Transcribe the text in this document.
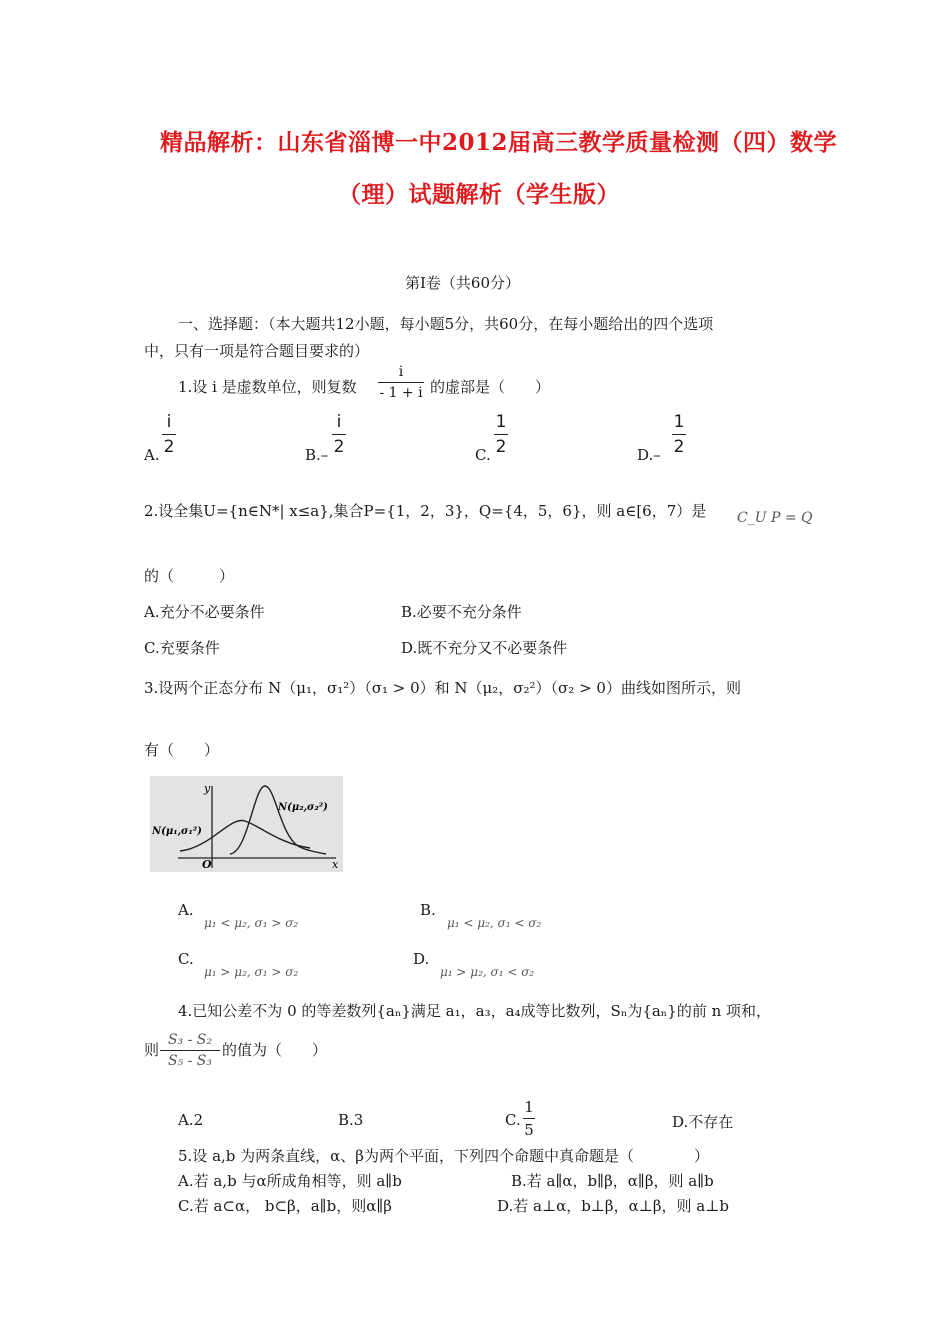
精品解析：山东省淄博一中2012届高三教学质量检测（四）数学
（理）试题解析（学生版）
第Ⅰ卷（共60分）
一、选择题：（本大题共12小题，每小题5分，共60分，在每小题给出的四个选项
中，只有一项是符合题目要求的）
1.设 i 是虚数单位，则复数
i
- 1 + i 的虚部是（　　）
A.
i
2	B.–
i
2	C.
1
2	D.–
1
2
2.设全集U={n∈N*| x≤a},集合P={1，2，3}，Q={4，5，6}，则 a∈[6，7）是 C_U P = Q
的（　　　）
A.充分不必要条件	B.必要不充分条件
C.充要条件	D.既不充分又不必要条件
3.设两个正态分布 N（μ₁，σ₁²）（σ₁ > 0）和 N（μ₂，σ₂²）（σ₂ > 0）曲线如图所示，则
有（　　）
y
x
O
N(μ₁,σ₁²)
N(μ₂,σ₂²)
A.
μ₁ < μ₂, σ₁ > σ₂
B.
μ₁ < μ₂, σ₁ < σ₂
C.
μ₁ > μ₂, σ₁ > σ₂
D.
μ₁ > μ₂, σ₁ < σ₂
4.已知公差不为 0 的等差数列{aₙ}满足 a₁，a₃，a₄成等比数列，Sₙ为{aₙ}的前 n 项和，
则
S₃ - S₂
S₅ - S₃
的值为（　　）
A.2	B.3	C.
1
5	D.不存在
5.设 a,b 为两条直线，α、β为两个平面，下列四个命题中真命题是（　　　　）
A.若 a,b 与α所成角相等，则 a∥b	B.若 a∥α，b∥β，α∥β，则 a∥b
C.若 a⊂α， b⊂β，a∥b，则α∥β	D.若 a⊥α，b⊥β，α⊥β，则 a⊥b
